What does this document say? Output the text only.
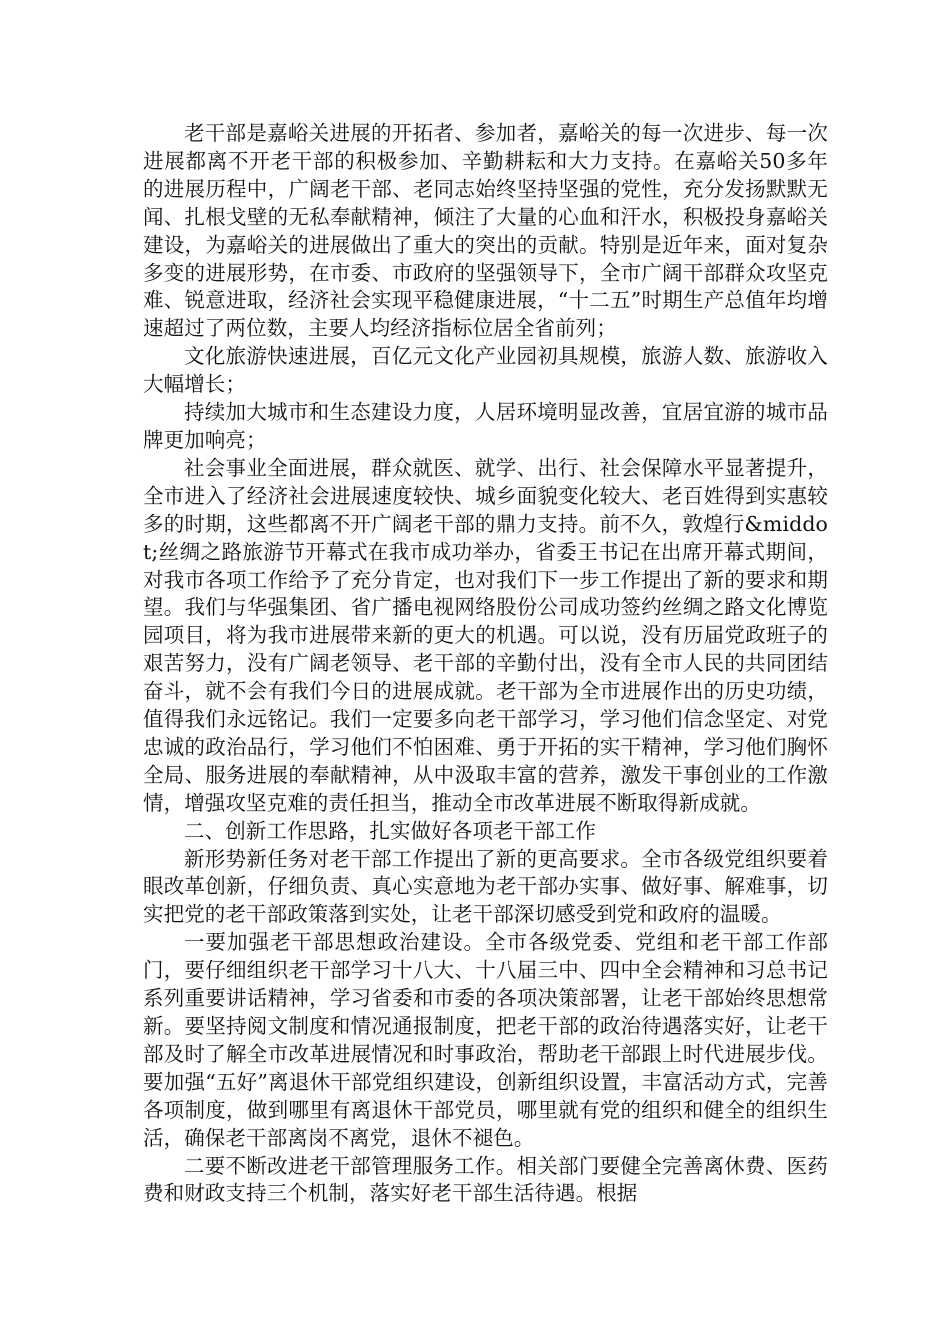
老干部是嘉峪关进展的开拓者、参加者，嘉峪关的每一次进步、每一次进展都离不开老干部的积极参加、辛勤耕耘和大力支持。在嘉峪关50多年的进展历程中，广阔老干部、老同志始终坚持坚强的党性，充分发扬默默无闻、扎根戈壁的无私奉献精神，倾注了大量的心血和汗水，积极投身嘉峪关建设，为嘉峪关的进展做出了重大的突出的贡献。特别是近年来，面对复杂多变的进展形势，在市委、市政府的坚强领导下，全市广阔干部群众攻坚克难、锐意进取，经济社会实现平稳健康进展，“十二五”时期生产总值年均增速超过了两位数，主要人均经济指标位居全省前列；

文化旅游快速进展，百亿元文化产业园初具规模，旅游人数、旅游收入大幅增长；

持续加大城市和生态建设力度，人居环境明显改善，宜居宜游的城市品牌更加响亮；

社会事业全面进展，群众就医、就学、出行、社会保障水平显著提升，全市进入了经济社会进展速度较快、城乡面貌变化较大、老百姓得到实惠较多的时期，这些都离不开广阔老干部的鼎力支持。前不久，敦煌行&middot;丝绸之路旅游节开幕式在我市成功举办，省委王书记在出席开幕式期间，对我市各项工作给予了充分肯定，也对我们下一步工作提出了新的要求和期望。我们与华强集团、省广播电视网络股份公司成功签约丝绸之路文化博览园项目，将为我市进展带来新的更大的机遇。可以说，没有历届党政班子的艰苦努力，没有广阔老领导、老干部的辛勤付出，没有全市人民的共同团结奋斗，就不会有我们今日的进展成就。老干部为全市进展作出的历史功绩，值得我们永远铭记。我们一定要多向老干部学习，学习他们信念坚定、对党忠诚的政治品行，学习他们不怕困难、勇于开拓的实干精神，学习他们胸怀全局、服务进展的奉献精神，从中汲取丰富的营养，激发干事创业的工作激情，增强攻坚克难的责任担当，推动全市改革进展不断取得新成就。

二、创新工作思路，扎实做好各项老干部工作

新形势新任务对老干部工作提出了新的更高要求。全市各级党组织要着眼改革创新，仔细负责、真心实意地为老干部办实事、做好事、解难事，切实把党的老干部政策落到实处，让老干部深切感受到党和政府的温暖。

一要加强老干部思想政治建设。全市各级党委、党组和老干部工作部门，要仔细组织老干部学习十八大、十八届三中、四中全会精神和习总书记系列重要讲话精神，学习省委和市委的各项决策部署，让老干部始终思想常新。要坚持阅文制度和情况通报制度，把老干部的政治待遇落实好，让老干部及时了解全市改革进展情况和时事政治，帮助老干部跟上时代进展步伐。要加强“五好”离退休干部党组织建设，创新组织设置，丰富活动方式，完善各项制度，做到哪里有离退休干部党员，哪里就有党的组织和健全的组织生活，确保老干部离岗不离党，退休不褪色。

二要不断改进老干部管理服务工作。相关部门要健全完善离休费、医药费和财政支持三个机制，落实好老干部生活待遇。根据
